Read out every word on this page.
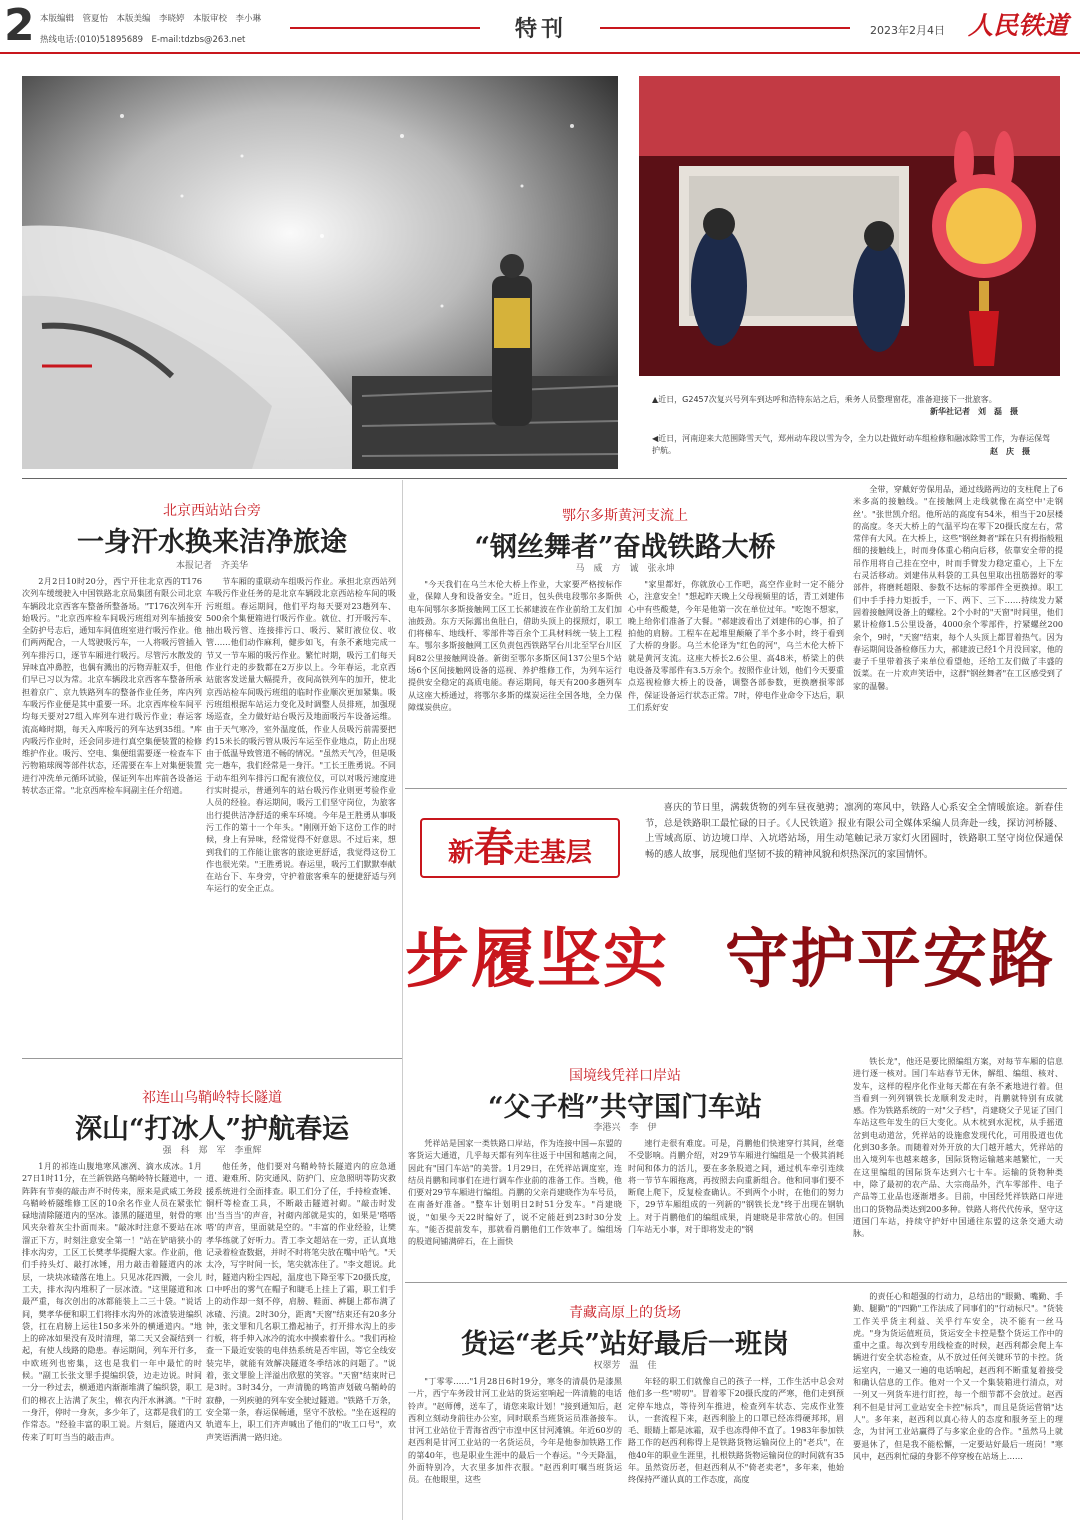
2 本版编辑　管夏怡　本版美编　李晓婷　本版审校　李小琳
热线电话:(010)51895689　E-mail:tdzbs@263.net	特刊	2023年2月4日 人民铁道
▲近日，G2457次复兴号列车到达呼和浩特东站之后，乘务人员整理窗花，准备迎接下一批旅客。
新华社记者　刘　磊　摄
◀近日，河南迎来大范围降雪天气，郑州动车段以雪为令，全力以赴做好动车组检修和融冰除雪工作，为春运保驾护航。	赵　庆　摄
北京西站站台旁
一身汗水换来洁净旅途
本报记者　齐美华

2月2日10时20分，西宁开往北京西的T176次列车缓缓驶入中国铁路北京局集团有限公司北京车辆段北京西客车整备所整备场。"T176次列车开始吸污。"北京西库检车间吸污班组对列车插接安全防护号志后，通知车间值班室进行吸污作业。他们两两配合，一人驾驶吸污车，一人将吸污管插入列车排污口，逐节车厢进行吸污。尽管污水散发的异味直冲鼻腔，也偶有溅出的污物弄脏双手，但他们早已习以为常。北京车辆段北京西客车整备所承担着京广、京九铁路列车的整备作业任务，库内列车吸污作业便是其中重要一环。北京西库检车间平均每天要对27组入库列车进行吸污作业；春运客流高峰时期，每天入库吸污的列车达到35组。"库内吸污作业时，还会同步进行真空集便装置的检修维护作业。吸污、空电、集便组需要逐一检查车下污物箱球阀等部件状态，还需要在车上对集便装置进行冲洗单元循环试验，保证列车出库前各设备运转状态正常。"北京西库检车间副主任介绍道。

节车厢的重联动车组吸污作业。承担北京西站列车吸污作业任务的是北京车辆段北京西站检车间的吸污班组。春运期间，他们平均每天要对23趟列车、500余个集便箱进行吸污作业。就位、打开吸污车、抽出吸污管、连接排污口、吸污、紧盯液位仪、收管……他们动作麻利，健步如飞，有条不紊地完成一节又一节车厢的吸污作业。繁忙时期，吸污工们每天作业行走的步数都在2万步以上。今年春运，北京西站旅客发送量大幅提升，夜间高铁列车的加开，使北京西站检车间吸污班组的临时作业顺次更加紧集。吸污班组根据车站运力变化及时调整人员排班，加强现场巡查，全力做好站台吸污及地面吸污车设备运维。由于天气寒冷，室外温度低，作业人员吸污前需要把约15米长的吸污管从吸污车运至作业地点，防止出现由于低温导致管道不畅的情况。"虽然天气冷，但是吸完一趟车，我们经常是一身汗。"工长王胜勇说。不同于动车组列车排污口配有液位仪，可以对吸污速度进行实时提示，普通列车的站台吸污作业则更考验作业人员的经验。春运期间，吸污工们坚守岗位，为旅客出行提供洁净舒适的乘车环境。今年是王胜勇从事吸污工作的第十一个年头。"刚刚开始下这份工作的时候，身上有异味，经常觉得不好意思。不过后来，想到我们的工作能让旅客的旅途更舒适，我觉得这份工作也很光荣。"王胜勇说。春运里，吸污工们默默奉献在站台下、车身旁，守护着旅客乘车的便捷舒适与列车运行的安全正点。

鄂尔多斯黄河支流上
“钢丝舞者”奋战铁路大桥
马　威　方　诚　张永坤

"今天我们在乌兰木伦大桥上作业，大家要严格按标作业，保障人身和设备安全。"近日，包头供电段鄂尔多斯供电车间鄂尔多斯接触网工区工长郝建波在作业前给工友们加油鼓劲。东方天际露出鱼肚白，借助头顶上的探照灯，职工们将梯车、地线杆、零部件等百余个工具材料统一装上工程车。鄂尔多斯接触网工区负责包西铁路罕台川北至罕台川区间82公里接触网设备。新街至鄂尔多斯区间137公里5个站场6个区间接触网设备的巡视、养护维修工作，为列车运行提供安全稳定的高质电能。春运期间，每天有200多趟列车从这座大桥通过，将鄂尔多斯的煤炭运往全国各地，全力保障煤炭供应。

"家里都好，你就放心工作吧，高空作业时一定不能分心，注意安全！"想起昨天晚上父母视频里的话，青工刘建伟心中有些酸楚，今年是他第一次在单位过年。"吃饱不想家，晚上给你们准备了大餐。"郝建波看出了刘建伟的心事，拍了拍他的肩膀。工程车在起堆里颠簸了半个多小时，终于看到了大桥的身影。乌兰木伦译为"红色的河"，乌兰木伦大桥下就是黄河支流。这座大桥长2.6公里、高48米，桥梁上的供电设备及零部件有3.5万余个。按照作业计划，他们今天要重点巡视检修大桥上的设备，调整各部参数，更换磨损零部件，保证设备运行状态正常。7时，停电作业命令下达后，职工们系好安

全带，穿戴好劳保用品，通过线路两边的支柱爬上了6米多高的接触线。"在接触网上走线就像在高空中'走钢丝'。"张世凯介绍。他所站的高度有54米，相当于20层楼的高度。冬天大桥上的气温平均在零下20摄氏度左右，常常伴有大风。在大桥上，这些"钢丝舞者"踩在只有拇指般粗细的接触线上，时而身体重心稍向后移，依靠安全带的提吊作用将自己挂在空中，时而手臂发力稳定重心，上下左右灵活移动。刘建伟从料袋的工具包里取出扭筋器好的零部件，将磨耗超限、参数不达标的零部件全更换掉。职工们中手手持力矩扳手，一下、两下、三下……持续发力紧固着接触网设备上的螺栓。2个小时的"天窗"时间里，他们累计检修1.5公里设备，4000余个零部件，拧紧螺丝200余个，9时，"天窗"结束，每个人头顶上都冒着热气。因为春运期间设备检修压力大，郝建波已经1个月没回家，他的妻子千里带着孩子来单位看望他，还给工友们做了丰盛的饭菜。在一片欢声笑语中，这群"钢丝舞者"在工区感受到了家的温馨。

新春走基层

喜庆的节日里，满载货物的列车昼夜驰骋；凛冽的寒风中，铁路人心系安全全情暖旅途。新春佳节，总是铁路职工最忙碌的日子。《人民铁道》报业有限公司全媒体采编人员奔赴一线，探访河桥隧、上雪域高原、访边境口岸、入坑塔站场，用生动笔触记录万家灯火团圆时，铁路职工坚守岗位保通保畅的感人故事，展现他们坚韧不拔的精神风貌和炽热深沉的家国情怀。

步履坚实 守护平安路
祁连山乌鞘岭特长隧道
深山“打冰人”护航春运
强　科　郑　军　李重辉

1月的祁连山腹地寒风凛冽、滴水成冰。1月27日1时11分，在兰新铁路乌鞘岭特长隧道中，一阵阵有节奏的敲击声不时传来，原来是武威工务段乌鞘岭桥隧维修工区的10余名作业人员在紧张忙碌地清除隧道内的坚冰。漆黑的隧道里，射骨的寒风夹杂着灰尘扑面而来。"敲冰时注意不要站在冰溜正下方，时刻注意安全第一！"站在铲暗狭小的排水沟旁，工区工长樊孝华提醒大家。作业前，他们手持头灯、敲打冰锤，用力敲击着隧道内的冰层，一块块冰碴落在地上。只见冰花四溅，一会儿工夫，排水沟内堆积了一层冰渣。"这里隧道和冰最严重，每次创出的冰都能装上二三十袋。"说话间，樊孝华便和职工们将排水沟外的冰渣装进编织袋，扛在肩膀上运往150多米外的横通道内。"地上的碎冰如果没有及时清理，第二天又会凝结到一起，有使人线路的隐患。春运期间，列车开行多，中欧班列也密集，这也是我们一年中最忙的时候。"副工长张文罪手提编织袋，边走边说。时间一分一秒过去，横通道内渐渐堆满了编织袋，职工们的棉衣上沾满了灰尘，棉衣内汗水淋漓。"干时一身汗，停时一身灰，多少年了，这都是我们的工作常态。"经验丰富的职工说。片刻后，隧道内又传来了叮叮当当的敲击声。

他任务，他们要对乌鞘岭特长隧道内的应急通道、避难所、防灾通风、防护门、应急照明等防灾救援系统进行全面排查。职工们分了任，手持检查锤、铜杆等检查工具，不断敲击隧道衬砌。"敲击时发出'当当当'的声音，衬砌内部就是实的，如果是'嗒嗒嗒'的声音，里面就是空的。"丰富的作业经验，让樊孝华练就了好听力。青工李文超站在一旁，正认真地记录着检查数据，并时不时将笔尖放在嘴中哈气。"天太冷，写字时间一长，笔尖就冻住了。"李文超说。此时，隧道内粉尘四起，温度也下降至零下20摄氏度，口中呼出的雾气在帽子和睫毛上挂上了霜，职工们手上的动作却一刻不停，肩膀、鞋面、裤腿上都布满了冰碴、污渍。2时30分，距离"天窗"结束还有20多分钟，张文罪和几名职工撸起袖子，打开排水沟上的步行板，将手伸入冰冷的流水中摸索着什么。"我们再检查一下最近安装的电伴热系统是否牢固，等它全线安装完毕，就能有效解决隧道冬季结冰的问题了。"说着，张文罪脸上洋溢出欣慰的笑容。"天窗"结束时已是3时。3时34分，一声清脆的鸣笛声划破乌鞘岭的寂静，一列疾驰的列车安全驶过隧道。"铁路千万条，安全第一条，春运保畅通，坚守不放松。"坐在返程的轨道车上，职工们齐声喊出了他们的"收工口号"，欢声笑语洒满一路归途。

国境线凭祥口岸站
“父子档”共守国门车站
李港兴　李　伊

凭祥站是国家一类铁路口岸站，作为连接中国—东盟的客货运大通道，几乎每天都有列车往返于中国和越南之间，因此有"国门车站"的美誉。1月29日，在凭祥站调度室，连结员肖鹏和同事们在进行调车作业前的准备工作。当晚，他们要对29节车厢进行编组。肖鹏的父亲肖建晓作为车号员，在南备好准备。"整车计划明日2时51分发车。"肖建晓说，"如果今天22时编好了，说不定能赶到23时30分发车。"能否提前发车，那就看肖鹏他们工作效率了。编组场的股道间铺满碎石，在上面快

速行走很有难度。可是，肖鹏他们快速穿行其间，丝毫不受影响。肖鹏介绍，对29节车厢进行编组是一个极其消耗时间和体力的活儿，要在多条股道之间，通过机车牵引连续将一节节车厢拖离，再按照去向重新组合。他和同事们要不断爬上爬下，反复检查确认。不到两个小时，在他们的努力下，29节车厢组成的一列新的"钢铁长龙"终于出现在钢轨上。对于肖鹏他们的编组成果，肖建晓是非常放心的。但国门车站无小事，对于即将发走的"钢

铁长龙"，他还是要比照编组方案，对每节车厢的信息进行逐一核对。国门车站春节无休，解组、编组、核对、发车，这样的程序化作业每天都在有条不紊地进行着。但当看到一列列钢铁长龙顺利发走时，肖鹏就特别有成就感。作为铁路系统的一对"父子档"，肖建晓父子见证了国门车站这些年发生的巨大变化。从木枕到水泥枕，从手摇道岔到电动道岔，凭祥站的设施愈发现代化，可用股道也优化到30多条。而随着对外开放的大门越开越大，凭祥站的出入境列车也越来越多，国际货物运输越来越繁忙，一天在这里编组的国际货车达到六七十车。运输的货物种类中，除了最初的农产品、大宗商品外，汽车零部件、电子产品等工业品也逐渐增多。目前，中国经凭祥铁路口岸进出口的货物品类达到200多种。铁路人将代代传承，坚守这道国门车站，持续守护好中国通往东盟的这条交通大动脉。

青藏高原上的货场
货运“老兵”站好最后一班岗
权翠芳　温　佳

"丁零零……"1月28日6时19分，寒冬的清晨仍是漆黑一片，西宁车务段甘河工业站的货运室响起一阵清脆的电话铃声。"赵师傅，送车了，请您来取计划！"接到通知后，赵西利立刻动身前往办公室，同时联系当班货运员准备接车。甘河工业站位于青海省西宁市湟中区甘河滩镇。年近60岁的赵西利是甘河工业站的一名货运员，今年是他参加铁路工作的第40年，也是职业生涯中的最后一个春运。"今天降温，外面特别冷，大衣里多加件衣服。"赵西利叮嘱当班货运员。在他眼里，这些

年轻的职工们就像自己的孩子一样，工作生活中总会对他们多一些"唠叨"。冒着零下20摄氏度的严寒，他们走到预定停车地点，等待列车推进，检查列车状态、完成作业签认，一套流程下来，赵西利脸上的口罩已经冻得硬邦邦，眉毛、眼睛上都是冰霜，双手也冻得伸不直了。1983年参加铁路工作的赵西利称得上是铁路货物运输岗位上的"老兵"，在他40年的职业生涯里，扎根铁路货物运输岗位的时间就有35年。虽然资历老，但赵西利从不"倚老卖老"，多年来，他始终保持严谨认真的工作态度，高度

的责任心和超强的行动力，总结出的"眼勤、嘴勤、手勤、腿勤"的"四勤"工作法成了同事们的"行动标尺"。"货装工作关乎货主利益、关乎行车安全，决不能有一丝马虎。"身为货运值班员，货运安全卡控是整个货运工作中的重中之重。每次到专用线检查的时候，赵西利都会爬上车辆进行安全状态检查，从不放过任何关键环节的卡控。货运室内，一遍又一遍的电话响起，赵西利不断重复着接受和确认信息的工作。他对一个又一个集装箱进行清点，对一列又一列货车进行盯控，每一个细节都不会放过。赵西利不但是甘河工业站安全卡控"标兵"，而且是货运营销"达人"。多年来，赵西利以真心待人的态度和服务至上的理念，为甘河工业站赢得了与多家企业的合作。"虽然马上就要退休了，但是我不能松懈，一定要站好最后一班岗！"寒风中，赵西利忙碌的身影不停穿梭在站场上……
